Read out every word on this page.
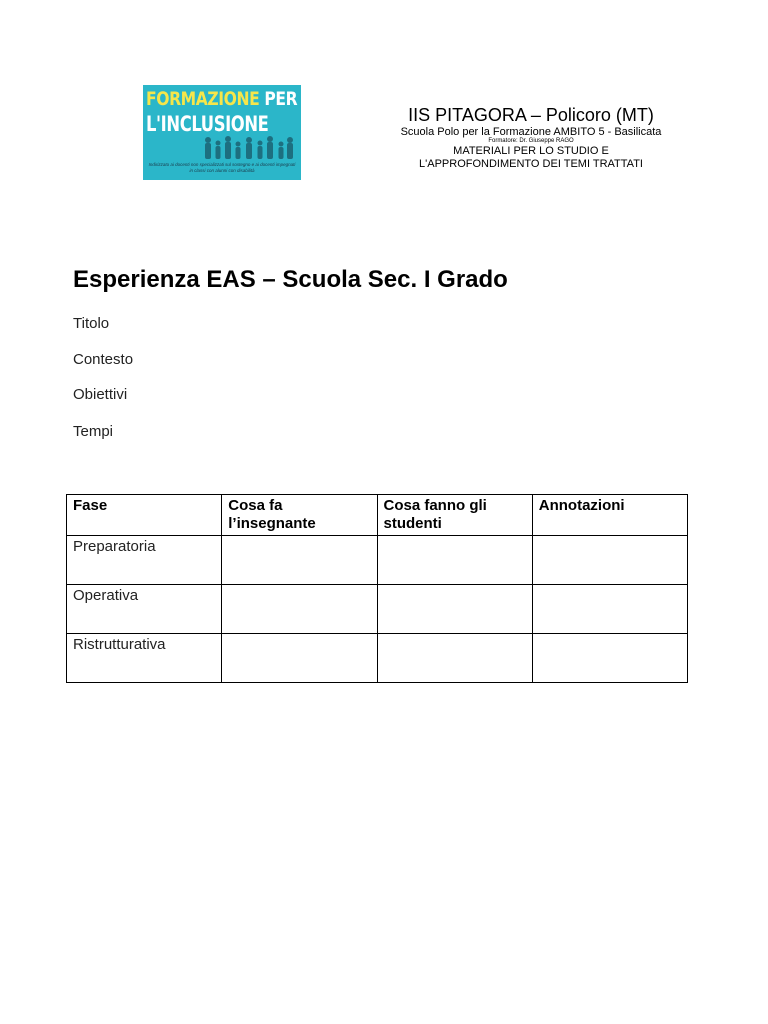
FORMAZIONE PER
L'INCLUSIONE
Indirizzato ai docenti non specializzati sul sostegno e ai docenti impegnati in classi con alunni con disabilità
IIS PITAGORA – Policoro (MT)
Scuola Polo per la Formazione AMBITO 5 - Basilicata
Formatore: Dr. Giuseppe RAGO
MATERIALI PER LO STUDIO E
L'APPROFONDIMENTO DEI TEMI TRATTATI
Esperienza EAS – Scuola Sec. I Grado
Titolo
Contesto
Obiettivi
Tempi
Fase	Cosa fa l’insegnante	Cosa fanno gli studenti	Annotazioni
Preparatoria			
Operativa			
Ristrutturativa			
